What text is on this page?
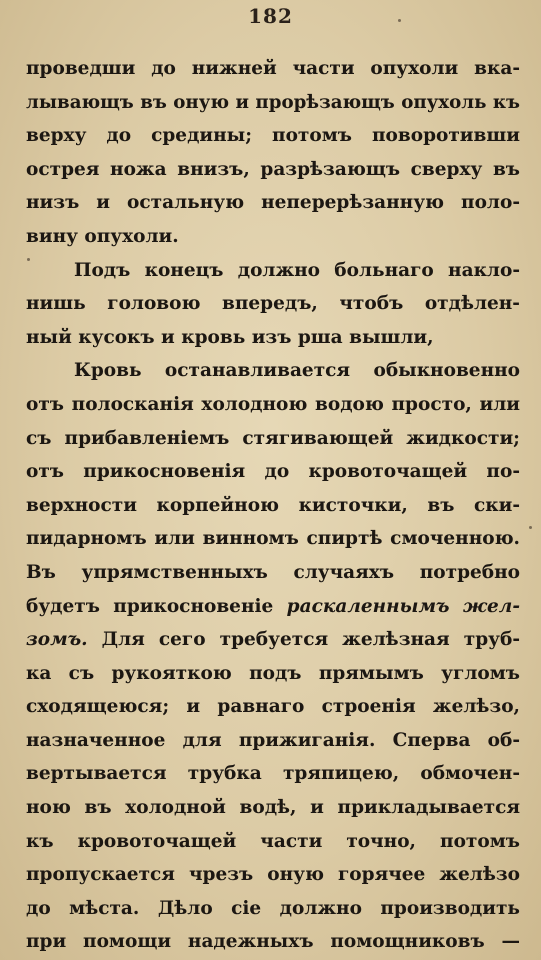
182
проведши до нижней части опухоли вка-
лывающъ въ оную и прорѣзающъ опухоль къ
верху до средины; потомъ поворотивши
острея ножа внизъ, разрѣзающъ сверху въ
низъ и остальную неперерѣзанную поло-
вину опухоли.
Подъ конецъ должно больнаго накло-
нишь головою впередъ, чтобъ отдѣлен-
ный кусокъ и кровь изъ рша вышли,
Кровь останавливается обыкновенно
отъ полосканія холодною водою просто, или
съ прибавленіемъ стягивающей жидкости;
отъ прикосновенія до кровоточащей по-
верхности корпейною кисточки, въ ски-
пидарномъ или винномъ спиртѣ смоченною.
Въ упрямственныхъ случаяхъ потребно
будетъ прикосновеніе раскаленнымъ жел-
зомъ. Для сего требуется желѣзная труб-
ка съ рукояткою подъ прямымъ угломъ
сходящеюся; и равнаго строенія желѣзо,
назначенное для прижиганія. Сперва об-
вертывается трубка тряпицею, обмочен-
ною въ холодной водѣ, и прикладывается
къ кровоточащей части точно, потомъ
пропускается чрезъ оную горячее желѣзо
до мѣста. Дѣло сіе должно производить
при помощи надежныхъ помощниковъ —
